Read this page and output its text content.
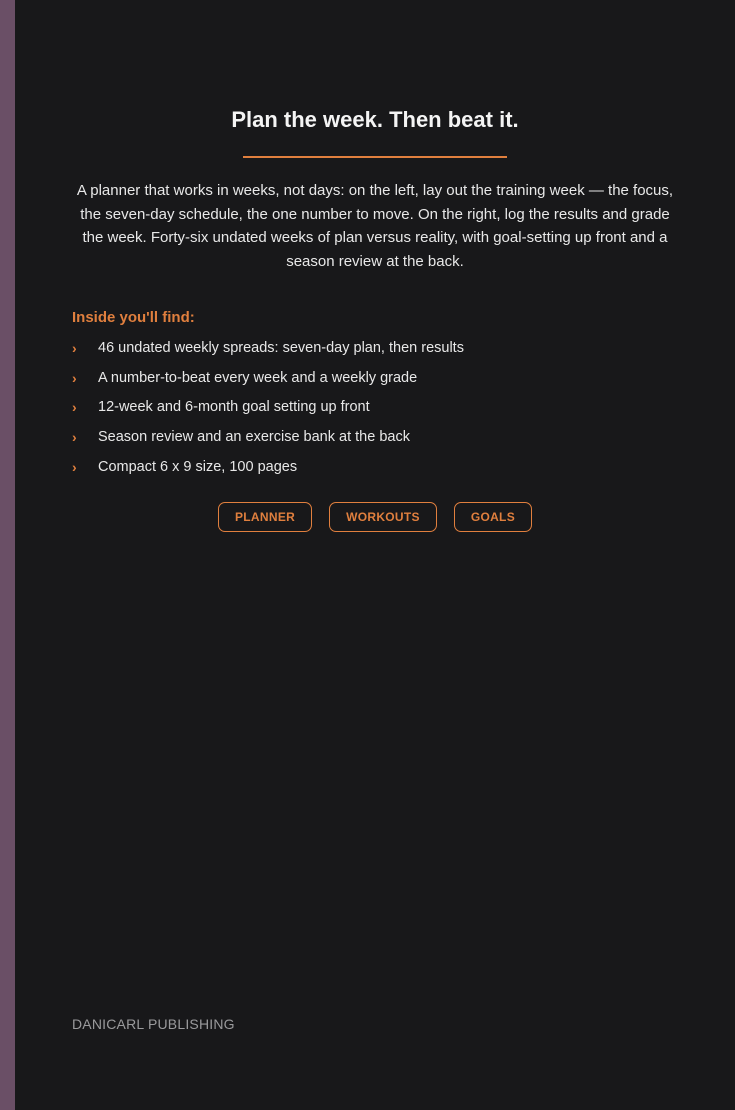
Plan the week. Then beat it.
A planner that works in weeks, not days: on the left, lay out the training week — the focus, the seven-day schedule, the one number to move. On the right, log the results and grade the week. Forty-six undated weeks of plan versus reality, with goal-setting up front and a season review at the back.
Inside you'll find:
›	46 undated weekly spreads: seven-day plan, then results
›	A number-to-beat every week and a weekly grade
›	12-week and 6-month goal setting up front
›	Season review and an exercise bank at the back
›	Compact 6 x 9 size, 100 pages
PLANNER	WORKOUTS	GOALS
DANICARL PUBLISHING
